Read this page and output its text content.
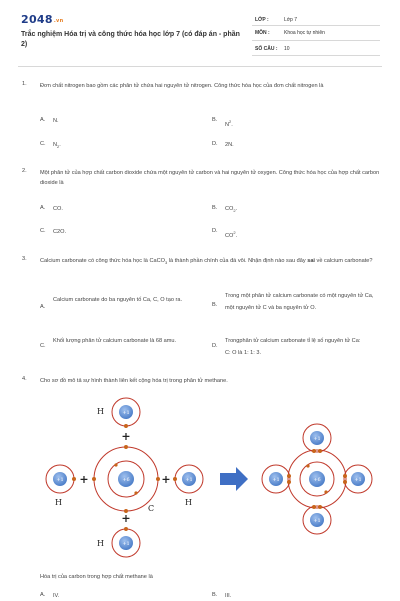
2048.vn
Trắc nghiệm Hóa trị và công thức hóa học lớp 7 (có đáp án - phần 2)
LỚP :	Lớp 7
MÔN :	Khoa học tự nhiên
SỐ CÂU : 10
1.	Đơn chất nitrogen bao gồm các phân tử chứa hai nguyên tử nitrogen. Công thức hóa học của đơn chất nitrogen là
A. N.	B.
$N^2$.
C. $N_2$.	D. 2N.
2.	Một phân tử của hợp chất carbon dioxide chứa một nguyên tử carbon và hai nguyên tử oxygen. Công thức hóa học của hợp chất carbon dioxide là
A. CO.	B. $CO_2$.
C. C2O.	D.
$CO^2$.
3.	Calcium carbonate có công thức hóa học là CaCO$_3$ là thành phần chính của đá vôi. Nhận định nào sau đây sai về calcium carbonate?
A.
Calcium carbonate do ba nguyên tố Ca, C, O tạo ra.
B.
Trong một phân tử calcium carbonate có một nguyên tử Ca, một nguyên tử C và ba nguyên tử O.
C.
Khối lượng phân tử calcium carbonate là 68 amu.
D.
Trongphân tử calcium carbonate tỉ lệ số nguyên tử Ca: C: O là 1: 1: 3.
4.	Cho sơ đồ mô tả sự hình thành liên kết cộng hóa trị trong phân tử methane.
+1
H
+
+6
C
+1
H
+	+1
H
+
+
+1
H
+6
+1
+1
+1	+1
Hóa trị của carbon trong hợp chất methane là
A. IV.	B. III.
